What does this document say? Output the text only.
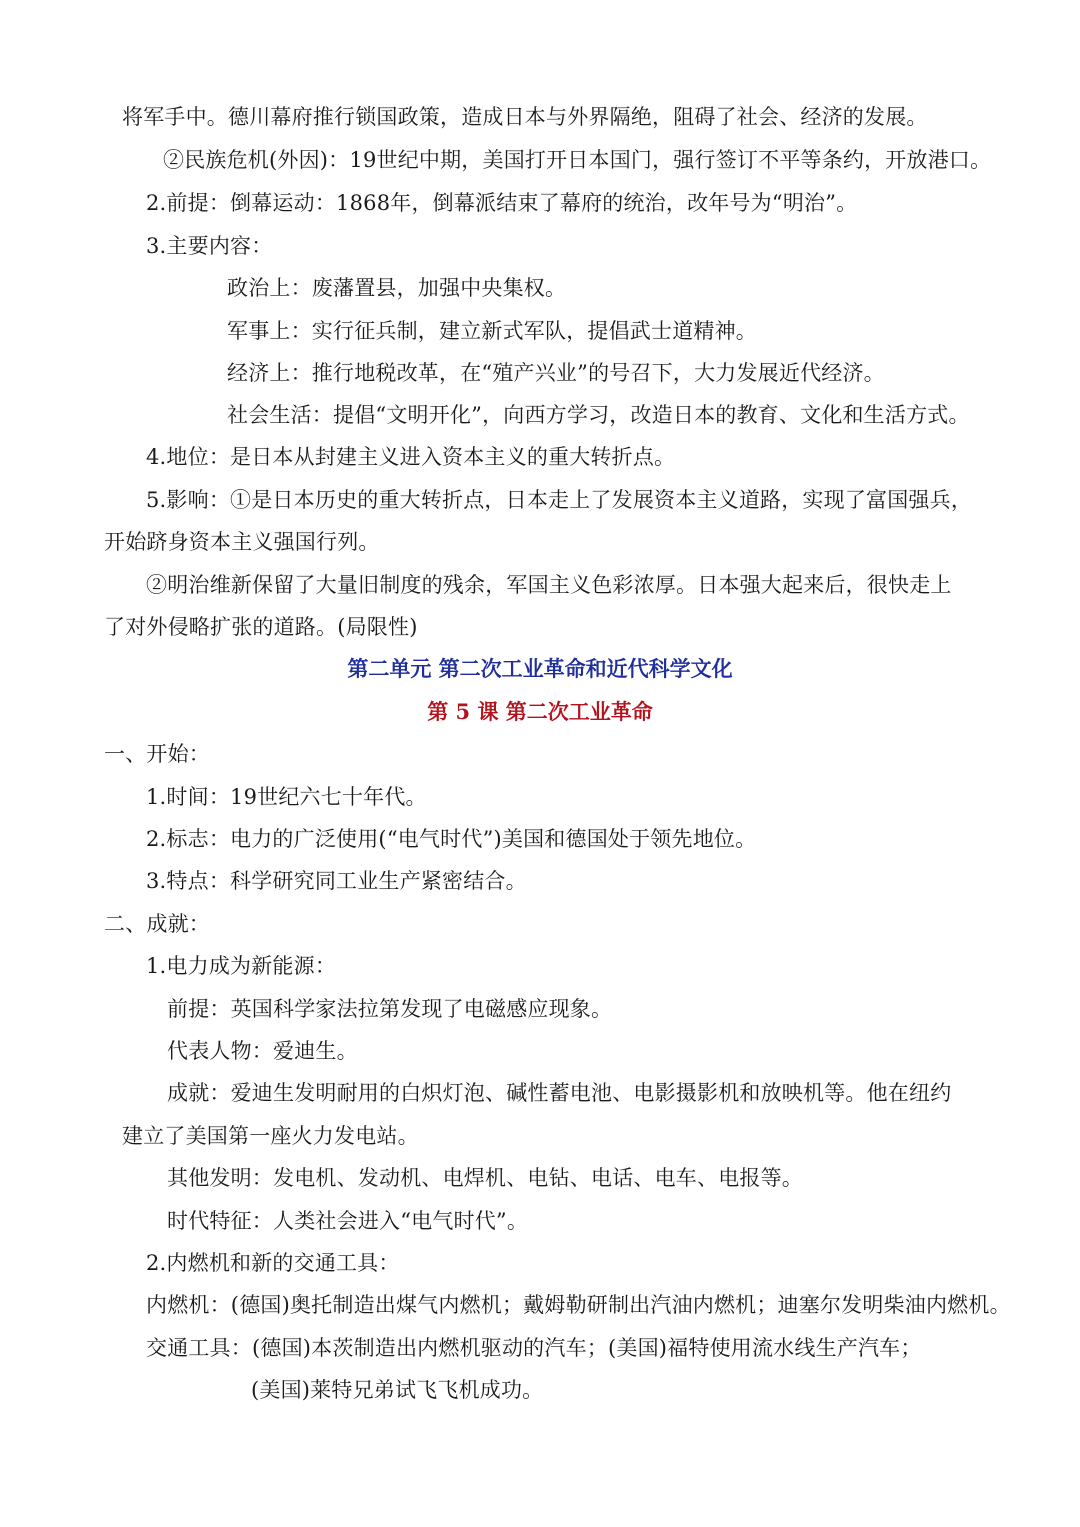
将军手中。德川幕府推行锁国政策，造成日本与外界隔绝，阻碍了社会、经济的发展。
②民族危机(外因)：19世纪中期，美国打开日本国门，强行签订不平等条约，开放港口。
2.前提：倒幕运动：1868年，倒幕派结束了幕府的统治，改年号为“明治”。
3.主要内容：
政治上：废藩置县，加强中央集权。
军事上：实行征兵制，建立新式军队，提倡武士道精神。
经济上：推行地税改革，在“殖产兴业”的号召下，大力发展近代经济。
社会生活：提倡“文明开化”，向西方学习，改造日本的教育、文化和生活方式。
4.地位：是日本从封建主义进入资本主义的重大转折点。
5.影响：①是日本历史的重大转折点，日本走上了发展资本主义道路，实现了富国强兵，
开始跻身资本主义强国行列。
②明治维新保留了大量旧制度的残余，军国主义色彩浓厚。日本强大起来后，很快走上
了对外侵略扩张的道路。(局限性)
第二单元 第二次工业革命和近代科学文化
第 5 课 第二次工业革命
一、开始：
1.时间：19世纪六七十年代。
2.标志：电力的广泛使用(“电气时代”)美国和德国处于领先地位。
3.特点：科学研究同工业生产紧密结合。
二、成就：
1.电力成为新能源：
前提：英国科学家法拉第发现了电磁感应现象。
代表人物：爱迪生。
成就：爱迪生发明耐用的白炽灯泡、碱性蓄电池、电影摄影机和放映机等。他在纽约
建立了美国第一座火力发电站。
其他发明：发电机、发动机、电焊机、电钻、电话、电车、电报等。
时代特征：人类社会进入“电气时代”。
2.内燃机和新的交通工具：
内燃机：(德国)奥托制造出煤气内燃机；戴姆勒研制出汽油内燃机；迪塞尔发明柴油内燃机。
交通工具：(德国)本茨制造出内燃机驱动的汽车；(美国)福特使用流水线生产汽车；
(美国)莱特兄弟试飞飞机成功。
